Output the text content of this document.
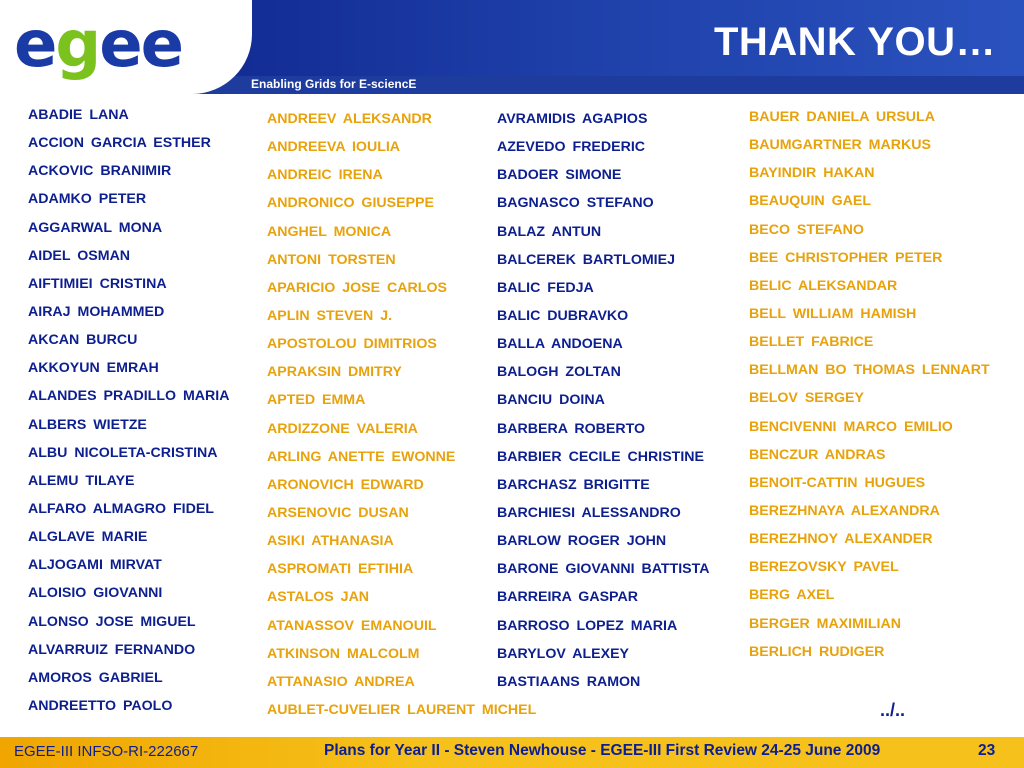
egee
Enabling Grids for E-sciencE
THANK YOU…
ABADIE LANA
ACCION GARCIA ESTHER
ACKOVIC BRANIMIR
ADAMKO PETER
AGGARWAL MONA
AIDEL OSMAN
AIFTIMIEI CRISTINA
AIRAJ MOHAMMED
AKCAN BURCU
AKKOYUN EMRAH
ALANDES PRADILLO MARIA
ALBERS WIETZE
ALBU NICOLETA-CRISTINA
ALEMU TILAYE
ALFARO ALMAGRO FIDEL
ALGLAVE MARIE
ALJOGAMI MIRVAT
ALOISIO GIOVANNI
ALONSO JOSE MIGUEL
ALVARRUIZ FERNANDO
AMOROS GABRIEL
ANDREETTO PAOLO
ANDREEV ALEKSANDR
ANDREEVA IOULIA
ANDREIC IRENA
ANDRONICO GIUSEPPE
ANGHEL MONICA
ANTONI TORSTEN
APARICIO JOSE CARLOS
APLIN STEVEN J.
APOSTOLOU DIMITRIOS
APRAKSIN DMITRY
APTED EMMA
ARDIZZONE VALERIA
ARLING ANETTE EWONNE
ARONOVICH EDWARD
ARSENOVIC DUSAN
ASIKI ATHANASIA
ASPROMATI EFTIHIA
ASTALOS JAN
ATANASSOV EMANOUIL
ATKINSON MALCOLM
ATTANASIO ANDREA
AUBLET-CUVELIER LAURENT MICHEL
AVRAMIDIS AGAPIOS
AZEVEDO FREDERIC
BADOER SIMONE
BAGNASCO STEFANO
BALAZ ANTUN
BALCEREK BARTLOMIEJ
BALIC FEDJA
BALIC DUBRAVKO
BALLA ANDOENA
BALOGH ZOLTAN
BANCIU DOINA
BARBERA ROBERTO
BARBIER CECILE CHRISTINE
BARCHASZ BRIGITTE
BARCHIESI ALESSANDRO
BARLOW ROGER JOHN
BARONE GIOVANNI BATTISTA
BARREIRA GASPAR
BARROSO LOPEZ MARIA
BARYLOV ALEXEY
BASTIAANS RAMON
BAUER DANIELA URSULA
BAUMGARTNER MARKUS
BAYINDIR HAKAN
BEAUQUIN GAEL
BECO STEFANO
BEE CHRISTOPHER PETER
BELIC ALEKSANDAR
BELL WILLIAM HAMISH
BELLET FABRICE
BELLMAN BO THOMAS LENNART
BELOV SERGEY
BENCIVENNI MARCO EMILIO
BENCZUR ANDRAS
BENOIT-CATTIN HUGUES
BEREZHNAYA ALEXANDRA
BEREZHNOY ALEXANDER
BEREZOVSKY PAVEL
BERG AXEL
BERGER MAXIMILIAN
BERLICH RUDIGER
../..
EGEE-III INFSO-RI-222667	Plans for Year II - Steven Newhouse - EGEE-III First Review 24-25 June 2009	23
